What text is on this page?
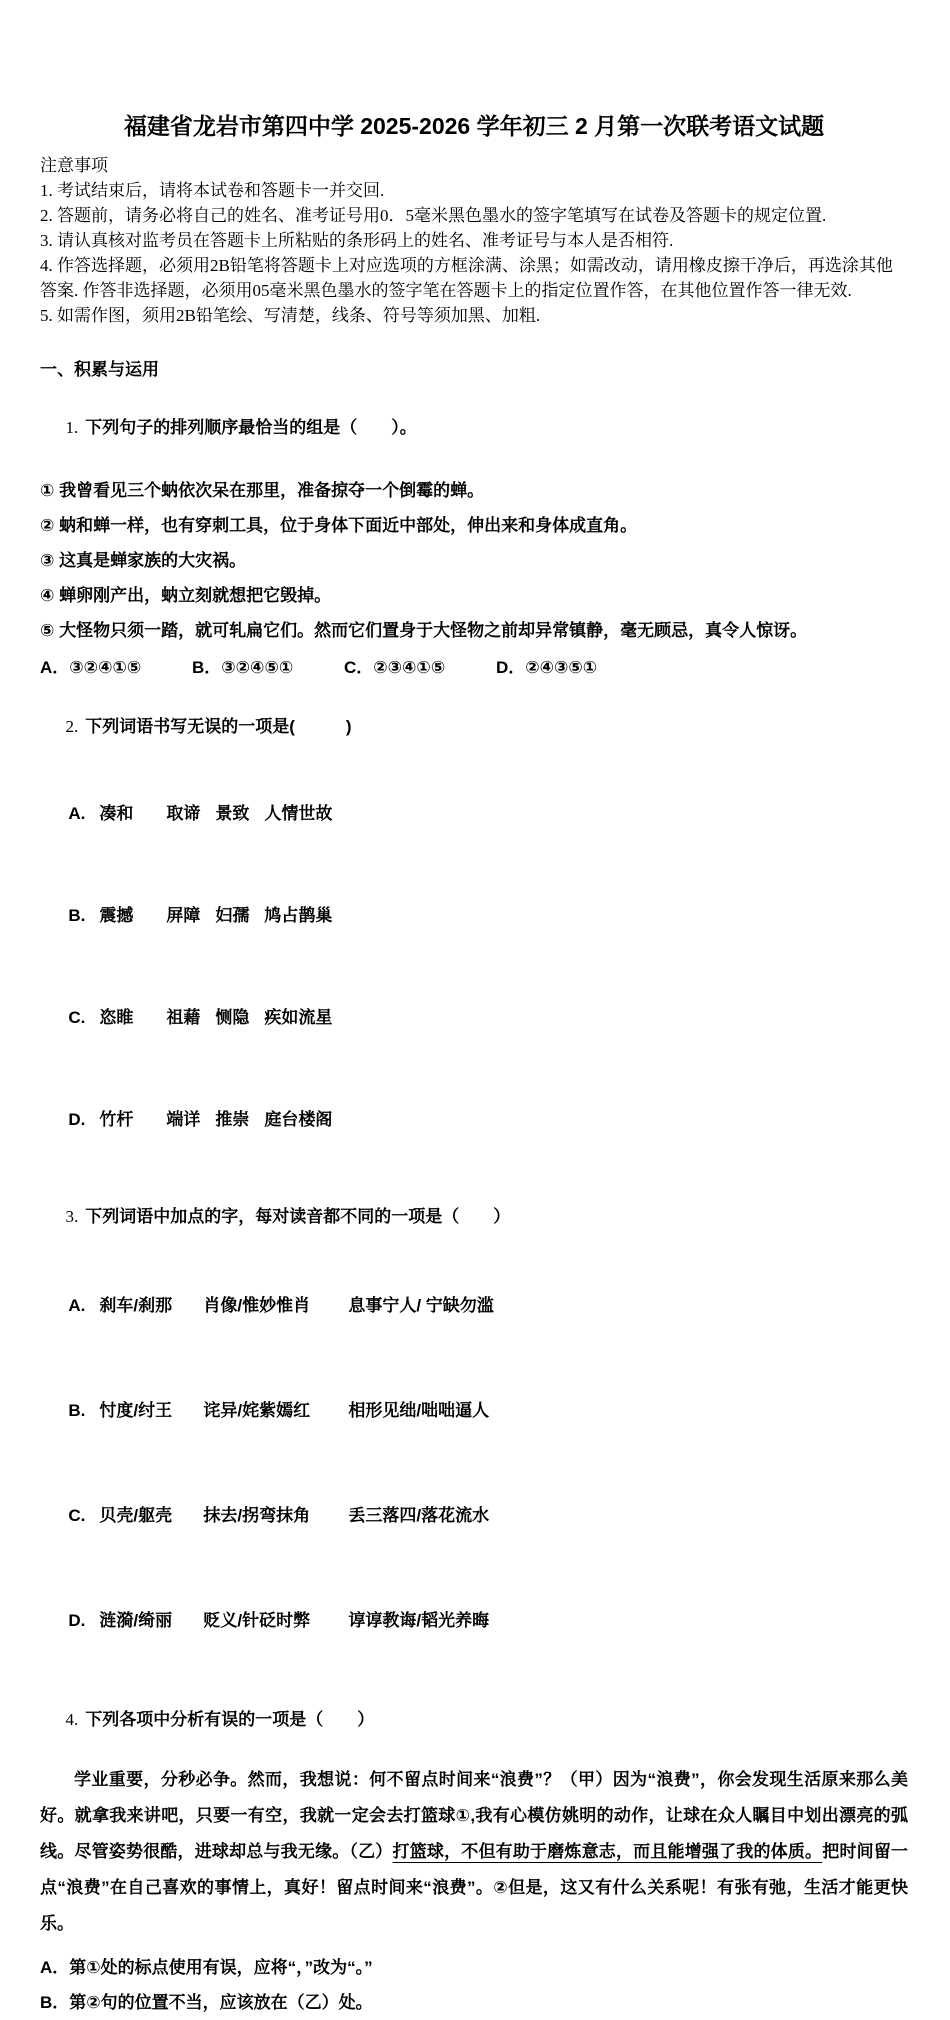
福建省龙岩市第四中学 2025-2026 学年初三 2 月第一次联考语文试题
注意事项
1. 考试结束后，请将本试卷和答题卡一并交回.
2. 答题前，请务必将自己的姓名、准考证号用0．5毫米黑色墨水的签字笔填写在试卷及答题卡的规定位置.
3. 请认真核对监考员在答题卡上所粘贴的条形码上的姓名、准考证号与本人是否相符.
4. 作答选择题，必须用2B铅笔将答题卡上对应选项的方框涂满、涂黑；如需改动，请用橡皮擦干净后，再选涂其他答案. 作答非选择题，必须用05毫米黑色墨水的签字笔在答题卡上的指定位置作答，在其他位置作答一律无效.
5. 如需作图，须用2B铅笔绘、写清楚，线条、符号等须加黑、加粗.
一、积累与运用

1. 下列句子的排列顺序最恰当的组是（　　）。

① 我曾看见三个蚋依次呆在那里，准备掠夺一个倒霉的蝉。
② 蚋和蝉一样，也有穿刺工具，位于身体下面近中部处，伸出来和身体成直角。
③ 这真是蝉家族的大灾祸。
④ 蝉卵刚产出，蚋立刻就想把它毁掉。
⑤ 大怪物只须一踏，就可轧扁它们。然而它们置身于大怪物之前却异常镇静，毫无顾忌，真令人惊讶。
A．③②④①⑤	B．③②④⑤①	C．②③④①⑤	D．②④③⑤①

2. 下列词语书写无误的一项是(　　　)

A. 凑和 取谛 景致 人情世故

B. 震撼 屏障 妇孺 鸠占鹊巢

C. 恣睢 祖藉 恻隐 疾如流星

D. 竹杆 端详 推崇 庭台楼阁

3. 下列词语中加点的字，每对读音都不同的一项是（　　）

A. 刹车/刹那 肖像/惟妙惟肖 息事宁人/ 宁缺勿滥

B. 忖度/纣王 诧异/姹紫嫣红 相形见绌/咄咄逼人

C. 贝壳/躯壳 抹去/拐弯抹角 丢三落四/落花流水

D. 涟漪/绮丽 贬义/针砭时弊 谆谆教诲/韬光养晦

4. 下列各项中分析有误的一项是（　　）

学业重要，分秒必争。然而，我想说：何不留点时间来“浪费”？（甲）因为“浪费”，你会发现生活原来那么美好。就拿我来讲吧，只要一有空，我就一定会去打篮球①,我有心模仿姚明的动作，让球在众人瞩目中划出漂亮的弧线。尽管姿势很酷，进球却总与我无缘。（乙）打篮球，不但有助于磨炼意志，而且能增强了我的体质。把时间留一点“浪费”在自己喜欢的事情上，真好！留点时间来“浪费”。②但是，这又有什么关系呢！有张有弛，生活才能更快乐。

A．第①处的标点使用有误，应将“，”改为“。”
B．第②句的位置不当，应该放在（乙）处。
